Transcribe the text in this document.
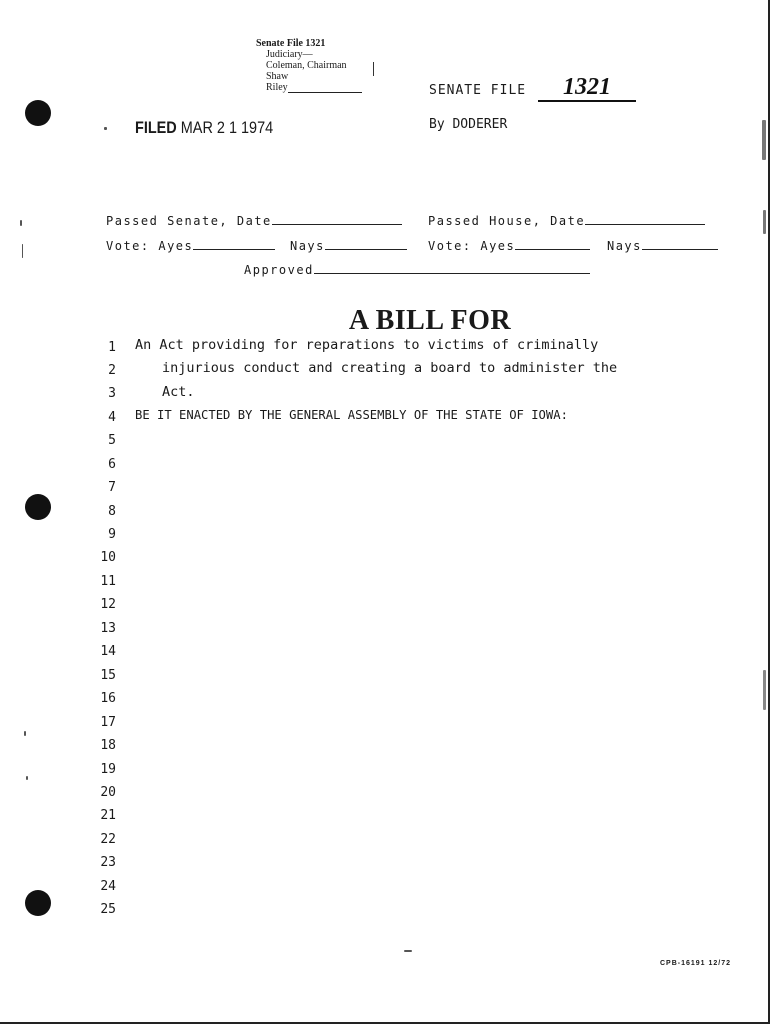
Senate File 1321
Judiciary—
Coleman, Chairman
Shaw
Riley	SENATE FILE	1321
By DODERER
FILED MAR 2 1 1974
Passed Senate, Date
Vote: Ayes	Nays
Passed House, Date
Vote: Ayes	Nays
Approved
A BILL FOR
1 An Act providing for reparations to victims of criminally
2	injurious conduct and creating a board to administer the
3	Act.
4 BE IT ENACTED BY THE GENERAL ASSEMBLY OF THE STATE OF IOWA:
5
6
7
8
9
10
11
12
13
14
15
16
17
18
19
20
21
22
23
24
25
CPB-16191 12/72
